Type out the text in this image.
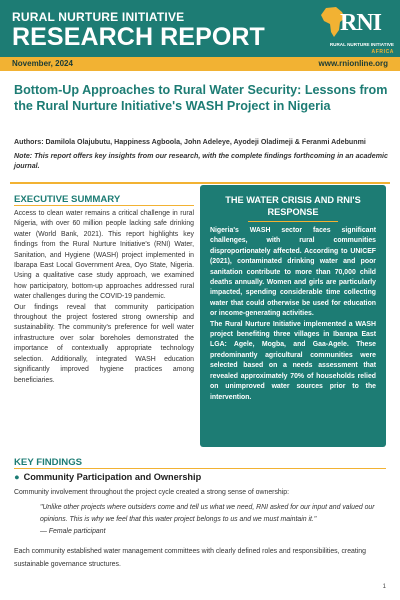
RURAL NURTURE INITIATIVE
RESEARCH REPORT	RNI
RURAL NURTURE INITIATIVE
AFRICA
November, 2024	www.rnionline.org
Bottom-Up Approaches to Rural Water Security: Lessons from the Rural Nurture Initiative's WASH Project in Nigeria
Authors: Damilola Olajubutu, Happiness Agboola, John Adeleye, Ayodeji Oladimeji & Feranmi Adebunmi
Note: This report offers key insights from our research, with the complete findings forthcoming in an academic journal.
EXECUTIVE SUMMARY

Access to clean water remains a critical challenge in rural Nigeria, with over 60 million people lacking safe drinking water (World Bank, 2021). This report highlights key findings from the Rural Nurture Initiative's (RNI) Water, Sanitation, and Hygiene (WASH) project implemented in Ibarapa East Local Government Area, Oyo State, Nigeria. Using a qualitative case study approach, we examined how participatory, bottom-up approaches addressed rural water challenges during the COVID-19 pandemic.

Our findings reveal that community participation throughout the project fostered strong ownership and sustainability. The community's preference for well water infrastructure over solar boreholes demonstrated the importance of contextually appropriate technology selection. Additionally, integrated WASH education significantly improved hygiene practices among beneficiaries.

THE WATER CRISIS AND RNI'S RESPONSE

Nigeria's WASH sector faces significant challenges, with rural communities disproportionately affected. According to UNICEF (2021), contaminated drinking water and poor sanitation contribute to more than 70,000 child deaths annually. Women and girls are particularly impacted, spending considerable time collecting water that could otherwise be used for education or income-generating activities.

The Rural Nurture Initiative implemented a WASH project benefiting three villages in Ibarapa East LGA: Agele, Mogba, and Gaa-Agele. These predominantly agricultural communities were selected based on a needs assessment that revealed approximately 70% of households relied on unimproved water sources prior to the intervention.

KEY FINDINGS
● Community Participation and Ownership
Community involvement throughout the project cycle created a strong sense of ownership:
"Unlike other projects where outsiders come and tell us what we need, RNI asked for our input and valued our opinions. This is why we feel that this water project belongs to us and we must maintain it."
— Female participant
Each community established water management committees with clearly defined roles and responsibilities, creating sustainable governance structures.
1
